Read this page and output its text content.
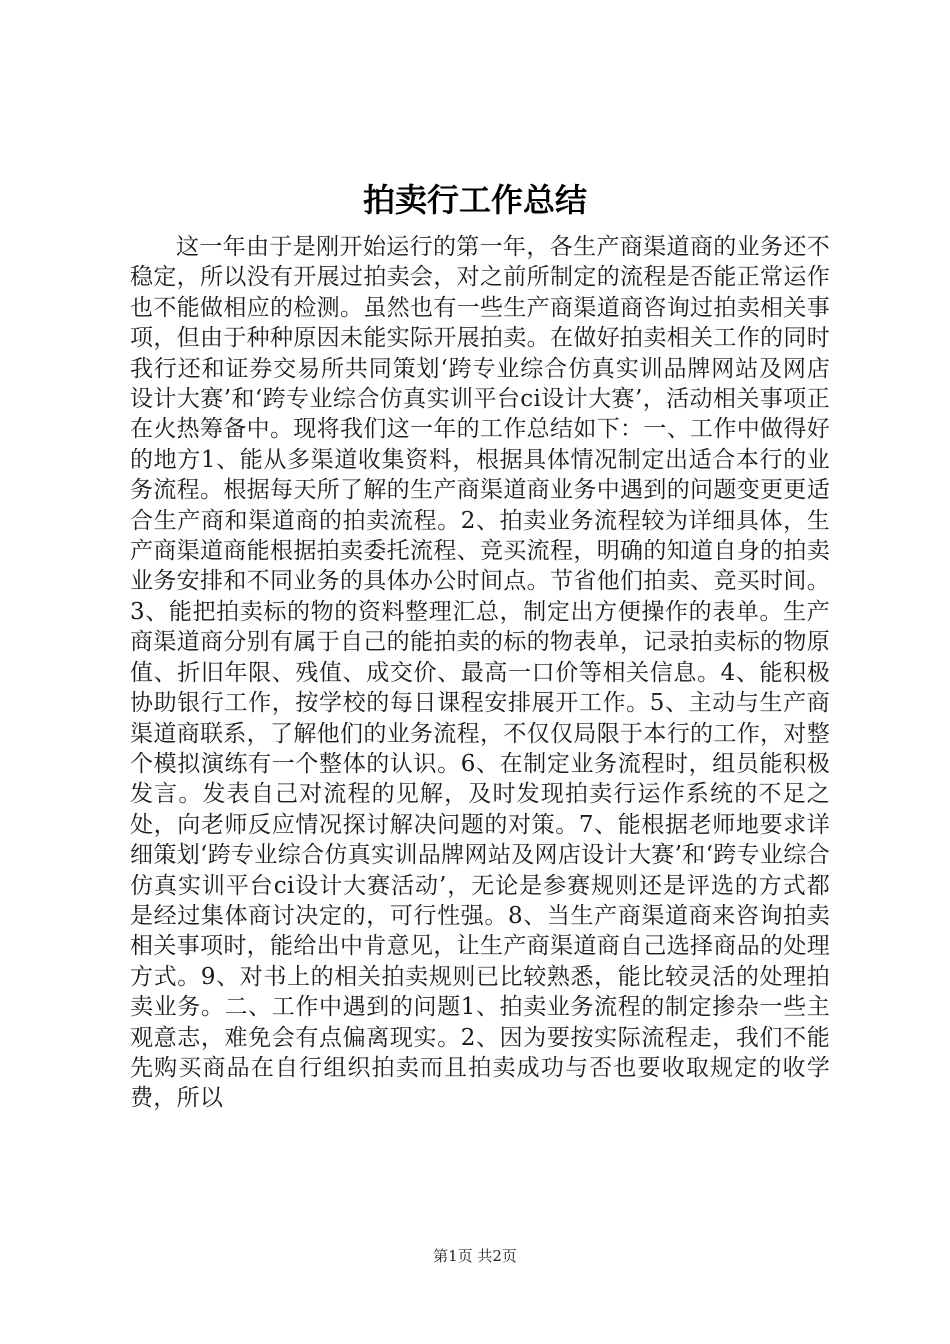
拍卖行工作总结

这一年由于是刚开始运行的第一年，各生产商渠道商的业务还不稳定，所以没有开展过拍卖会，对之前所制定的流程是否能正常运作也不能做相应的检测。虽然也有一些生产商渠道商咨询过拍卖相关事项，但由于种种原因未能实际开展拍卖。在做好拍卖相关工作的同时我行还和证券交易所共同策划‘跨专业综合仿真实训品牌网站及网店设计大赛’和‘跨专业综合仿真实训平台ci设计大赛’，活动相关事项正在火热筹备中。现将我们这一年的工作总结如下：一、工作中做得好的地方1、能从多渠道收集资料，根据具体情况制定出适合本行的业务流程。根据每天所了解的生产商渠道商业务中遇到的问题变更更适合生产商和渠道商的拍卖流程。2、拍卖业务流程较为详细具体，生产商渠道商能根据拍卖委托流程、竞买流程，明确的知道自身的拍卖业务安排和不同业务的具体办公时间点。节省他们拍卖、竞买时间。3、能把拍卖标的物的资料整理汇总，制定出方便操作的表单。生产商渠道商分别有属于自己的能拍卖的标的物表单，记录拍卖标的物原值、折旧年限、残值、成交价、最高一口价等相关信息。4、能积极协助银行工作，按学校的每日课程安排展开工作。5、主动与生产商渠道商联系，了解他们的业务流程，不仅仅局限于本行的工作，对整个模拟演练有一个整体的认识。6、在制定业务流程时，组员能积极发言。发表自己对流程的见解，及时发现拍卖行运作系统的不足之处，向老师反应情况探讨解决问题的对策。7、能根据老师地要求详细策划‘跨专业综合仿真实训品牌网站及网店设计大赛’和‘跨专业综合仿真实训平台ci设计大赛活动’，无论是参赛规则还是评选的方式都是经过集体商讨决定的，可行性强。8、当生产商渠道商来咨询拍卖相关事项时，能给出中肯意见，让生产商渠道商自己选择商品的处理方式。9、对书上的相关拍卖规则已比较熟悉，能比较灵活的处理拍卖业务。二、工作中遇到的问题1、拍卖业务流程的制定掺杂一些主观意志，难免会有点偏离现实。2、因为要按实际流程走，我们不能先购买商品在自行组织拍卖而且拍卖成功与否也要收取规定的收学费，所以

第1页 共2页
